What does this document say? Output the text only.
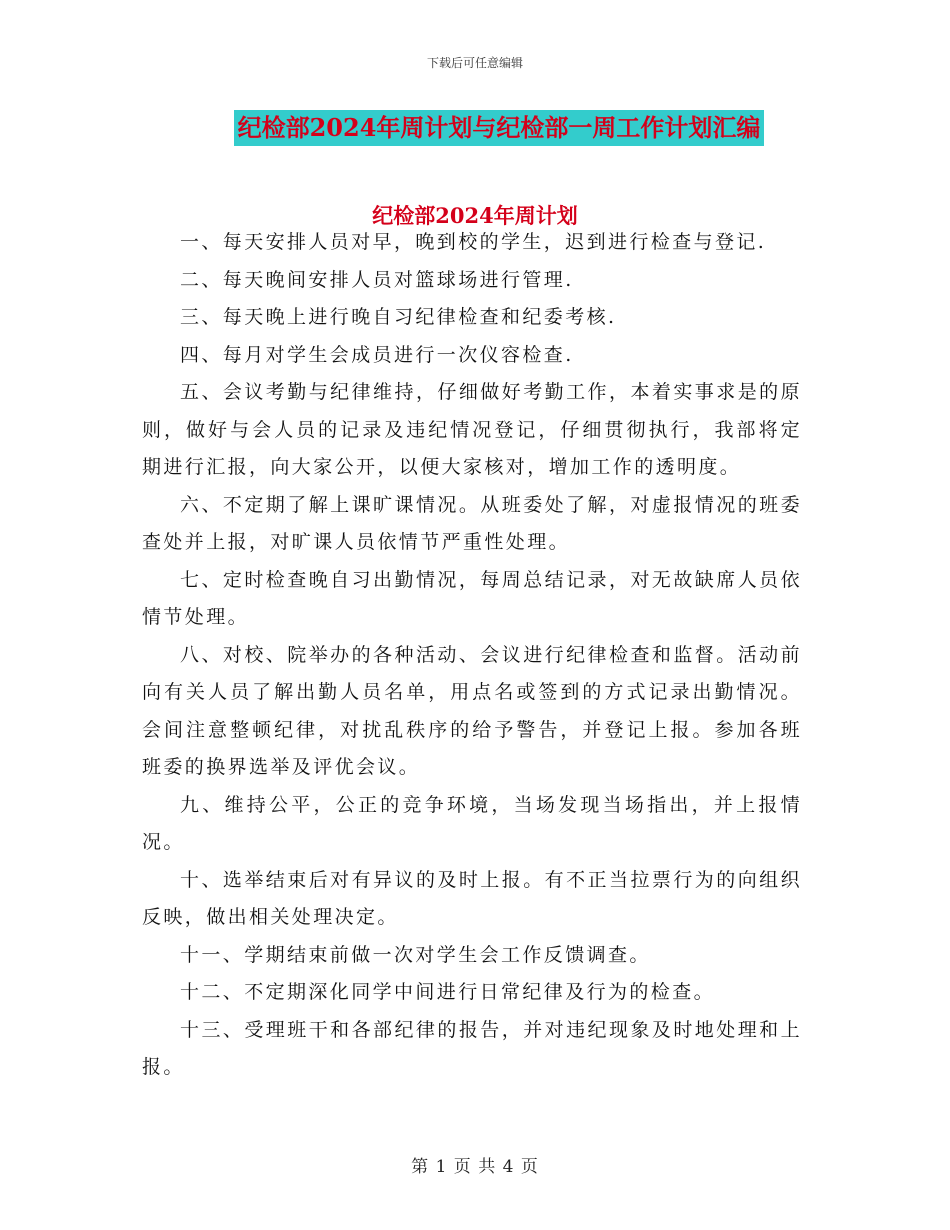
下载后可任意编辑
纪检部2024年周计划与纪检部一周工作计划汇编
纪检部2024年周计划

一、每天安排人员对早，晚到校的学生，迟到进行检查与登记.

二、每天晚间安排人员对篮球场进行管理.

三、每天晚上进行晚自习纪律检查和纪委考核.

四、每月对学生会成员进行一次仪容检查.

五、会议考勤与纪律维持，仔细做好考勤工作，本着实事求是的原则，做好与会人员的记录及违纪情况登记，仔细贯彻执行，我部将定期进行汇报，向大家公开，以便大家核对，增加工作的透明度。

六、不定期了解上课旷课情况。从班委处了解，对虚报情况的班委查处并上报，对旷课人员依情节严重性处理。

七、定时检查晚自习出勤情况，每周总结记录，对无故缺席人员依情节处理。

八、对校、院举办的各种活动、会议进行纪律检查和监督。活动前向有关人员了解出勤人员名单，用点名或签到的方式记录出勤情况。会间注意整顿纪律，对扰乱秩序的给予警告，并登记上报。参加各班班委的换界选举及评优会议。

九、维持公平，公正的竞争环境，当场发现当场指出，并上报情况。

十、选举结束后对有异议的及时上报。有不正当拉票行为的向组织反映，做出相关处理决定。

十一、学期结束前做一次对学生会工作反馈调查。

十二、不定期深化同学中间进行日常纪律及行为的检查。

十三、受理班干和各部纪律的报告，并对违纪现象及时地处理和上报。

第 1 页 共 4 页
